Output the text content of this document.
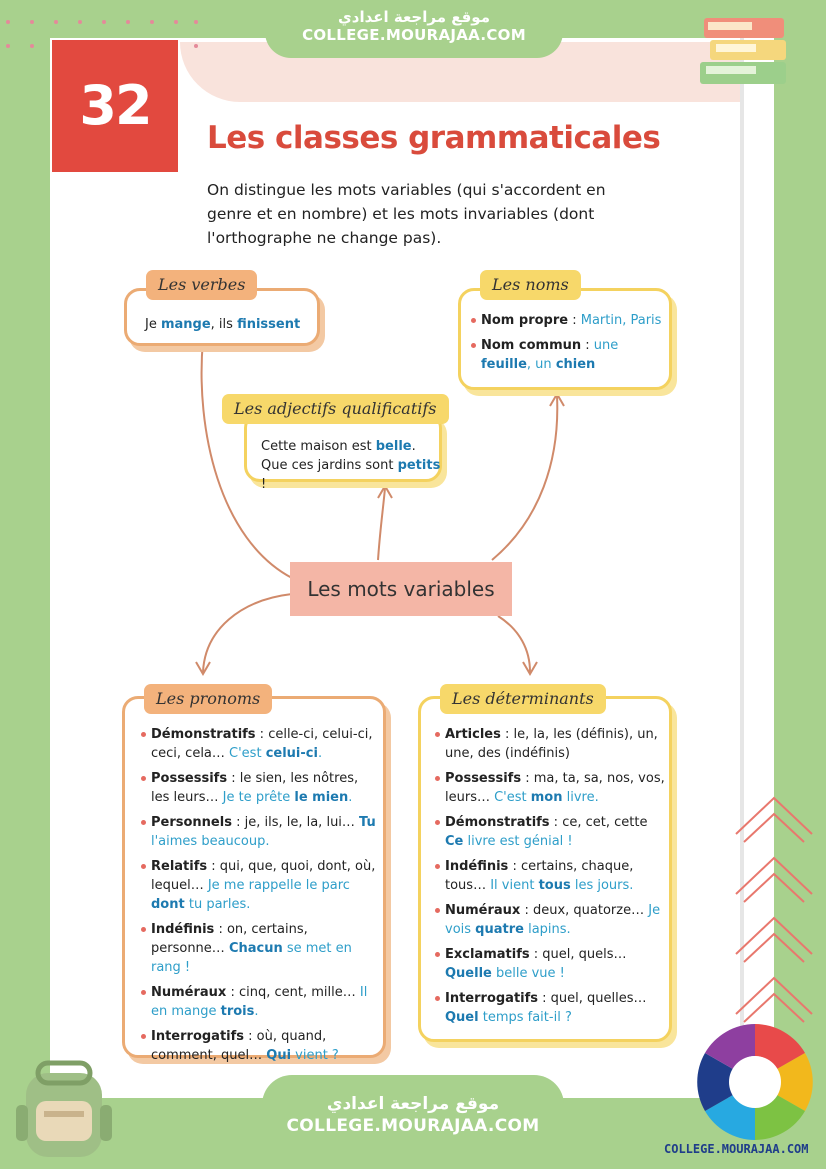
موقع مراجعة اعدادي
COLLEGE.MOURAJAA.COM
موقع مراجعة اعدادي
COLLEGE.MOURAJAA.COM
32
Les classes grammaticales
On distingue les mots variables (qui s'accordent en genre et en nombre) et les mots invariables (dont l'orthographe ne change pas).
Je mange, ils finissent
Les verbes
Nom propre : Martin, Paris
Nom commun : une feuille, un chien
Les noms
Cette maison est belle.
Que ces jardins sont petits !
Les adjectifs qualificatifs
Les mots variables
Démonstratifs : celle-ci, celui-ci, ceci, cela… C'est celui-ci.
Possessifs : le sien, les nôtres, les leurs… Je te prête le mien.
Personnels : je, ils, le, la, lui… Tu l'aimes beaucoup.
Relatifs : qui, que, quoi, dont, où, lequel… Je me rappelle le parc dont tu parles.
Indéfinis : on, certains, personne… Chacun se met en rang !
Numéraux : cinq, cent, mille… Il en mange trois.
Interrogatifs : où, quand, comment, quel… Qui vient ?
Les pronoms
Articles : le, la, les (définis), un, une, des (indéfinis)
Possessifs : ma, ta, sa, nos, vos, leurs… C'est mon livre.
Démonstratifs : ce, cet, cette Ce livre est génial !
Indéfinis : certains, chaque, tous… Il vient tous les jours.
Numéraux : deux, quatorze… Je vois quatre lapins.
Exclamatifs : quel, quels… Quelle belle vue !
Interrogatifs : quel, quelles… Quel temps fait-il ?
Les déterminants
COLLEGE.MOURAJAA.COM
